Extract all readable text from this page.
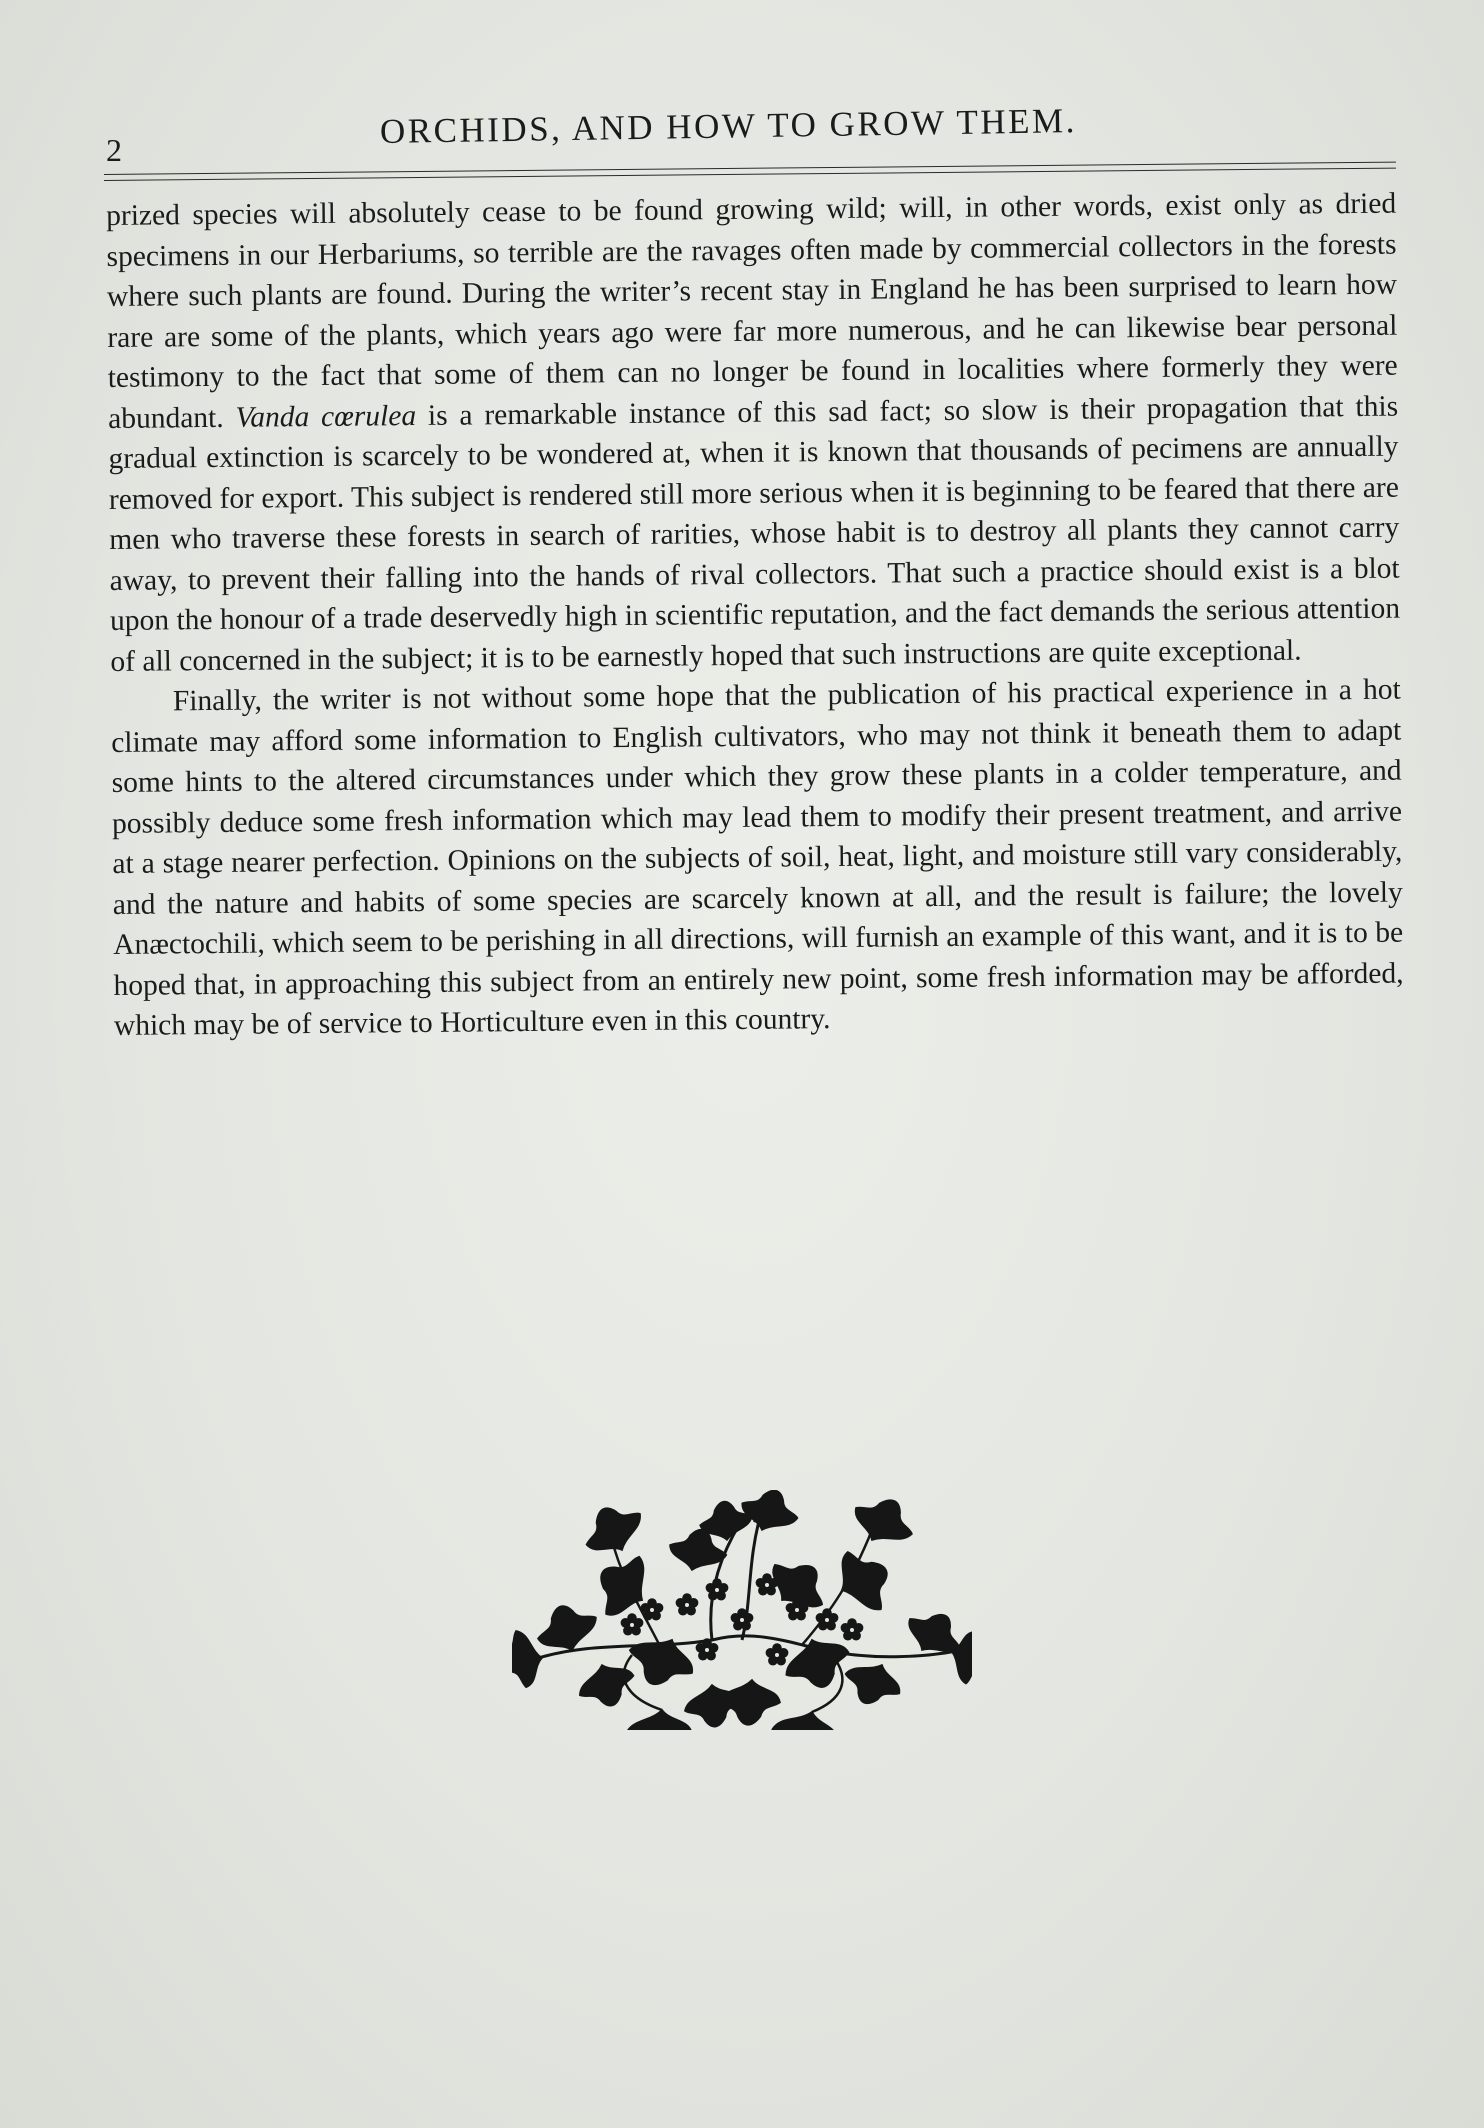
2	ORCHIDS, AND HOW TO GROW THEM.

prized species will absolutely cease to be found growing wild; will, in other words, exist only as dried specimens in our Herbariums, so terrible are the ravages often made by commercial collectors in the forests where such plants are found. During the writer’s recent stay in England he has been surprised to learn how rare are some of the plants, which years ago were far more numerous, and he can likewise bear personal testimony to the fact that some of them can no longer be found in localities where formerly they were abundant. Vanda cœrulea is a remarkable instance of this sad fact; so slow is their propagation that this gradual extinction is scarcely to be wondered at, when it is known that thousands of pecimens are annually removed for export. This subject is rendered still more serious when it is beginning to be feared that there are men who traverse these forests in search of rarities, whose habit is to destroy all plants they cannot carry away, to prevent their falling into the hands of rival collectors. That such a practice should exist is a blot upon the honour of a trade deservedly high in scientific reputation, and the fact demands the serious attention of all concerned in the subject; it is to be earnestly hoped that such instructions are quite exceptional.

Finally, the writer is not without some hope that the publication of his practical experience in a hot climate may afford some information to English cultivators, who may not think it beneath them to adapt some hints to the altered circumstances under which they grow these plants in a colder temperature, and possibly deduce some fresh information which may lead them to modify their present treatment, and arrive at a stage nearer perfection. Opinions on the subjects of soil, heat, light, and moisture still vary considerably, and the nature and habits of some species are scarcely known at all, and the result is failure; the lovely Anæctochili, which seem to be perishing in all directions, will furnish an example of this want, and it is to be hoped that, in approaching this subject from an entirely new point, some fresh information may be afforded, which may be of service to Horticulture even in this country.
